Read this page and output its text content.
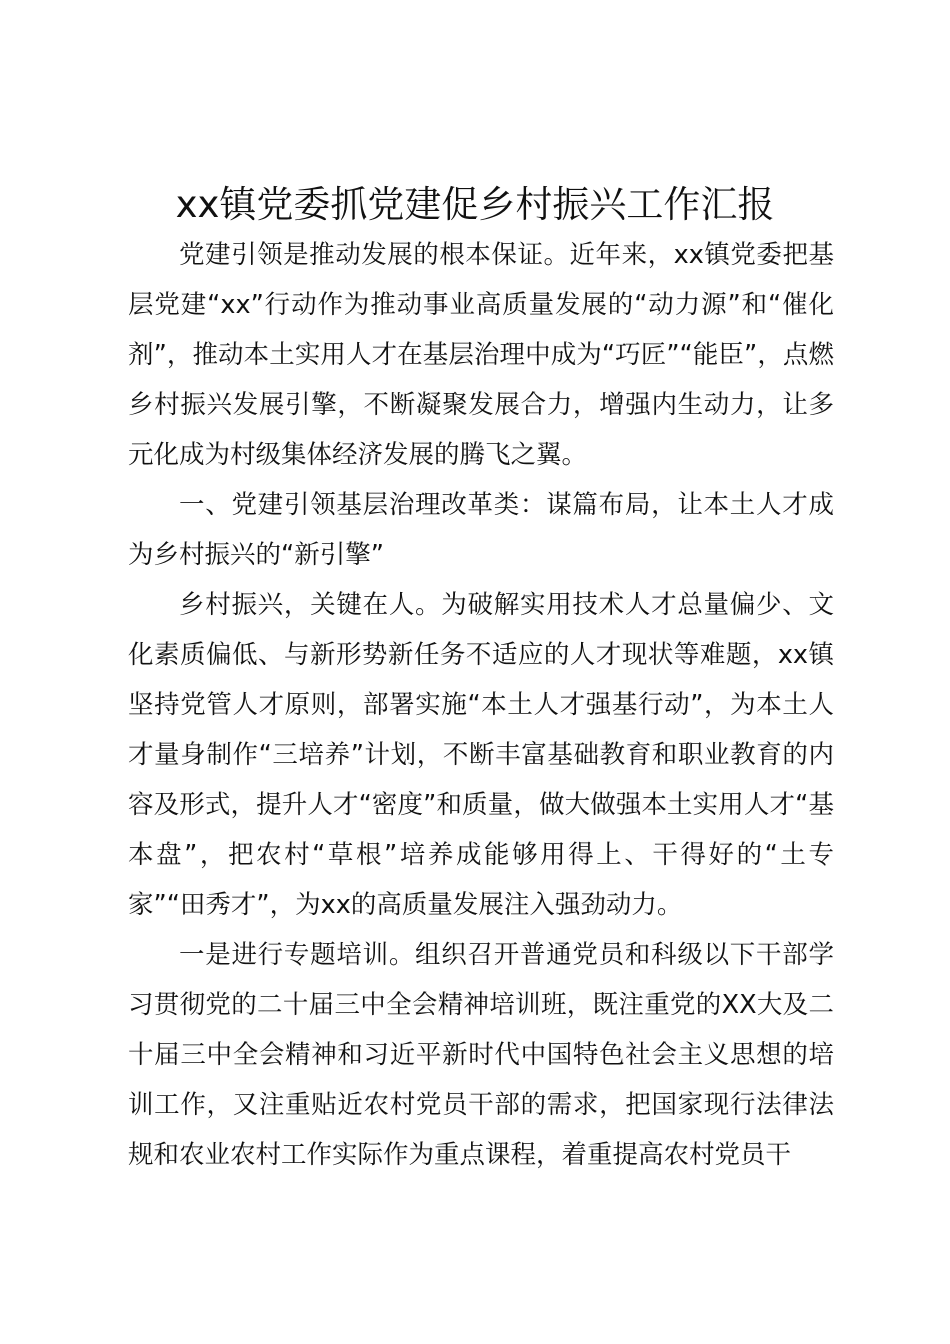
xx镇党委抓党建促乡村振兴工作汇报

党建引领是推动发展的根本保证。近年来，xx镇党委把基层党建“xx”行动作为推动事业高质量发展的“动力源”和“催化剂”，推动本土实用人才在基层治理中成为“巧匠”“能臣”，点燃乡村振兴发展引擎，不断凝聚发展合力，增强内生动力，让多元化成为村级集体经济发展的腾飞之翼。

一、党建引领基层治理改革类：谋篇布局，让本土人才成为乡村振兴的“新引擎”

乡村振兴，关键在人。为破解实用技术人才总量偏少、文化素质偏低、与新形势新任务不适应的人才现状等难题，xx镇坚持党管人才原则，部署实施“本土人才强基行动”，为本土人才量身制作“三培养”计划，不断丰富基础教育和职业教育的内容及形式，提升人才“密度”和质量，做大做强本土实用人才“基本盘”，把农村“草根”培养成能够用得上、干得好的“土专家”“田秀才”，为xx的高质量发展注入强劲动力。

一是进行专题培训。组织召开普通党员和科级以下干部学习贯彻党的二十届三中全会精神培训班，既注重党的XX大及二十届三中全会精神和习近平新时代中国特色社会主义思想的培训工作，又注重贴近农村党员干部的需求，把国家现行法律法规和农业农村工作实际作为重点课程，着重提高农村党员干
